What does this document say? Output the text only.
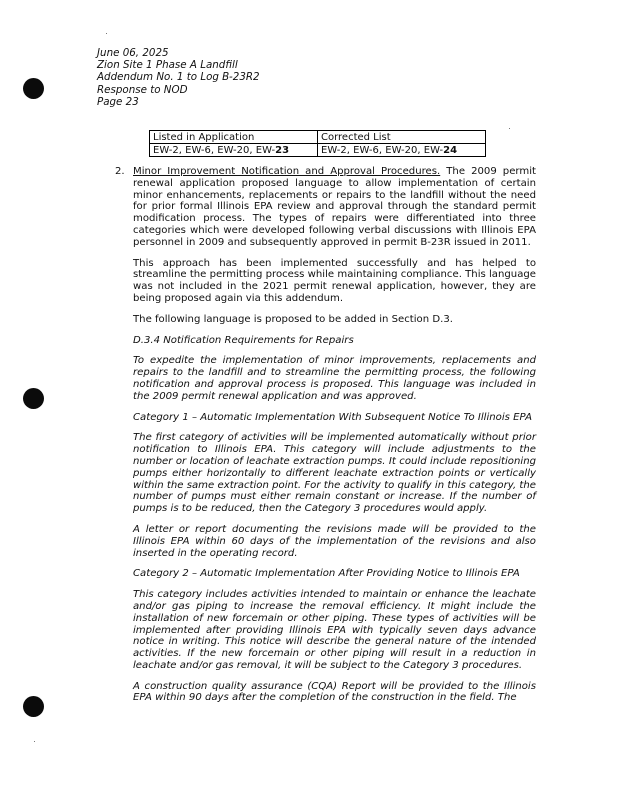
June 06, 2025
Zion Site 1 Phase A Landfill
Addendum No. 1 to Log B-23R2
Response to NOD
Page 23
Listed in Application	Corrected List
EW-2, EW-6, EW-20, EW-23	EW-2, EW-6, EW-20, EW-24
2. Minor Improvement Notification and Approval Procedures. The 2009 permit renewal application proposed language to allow implementation of certain minor enhancements, replacements or repairs to the landfill without the need for prior formal Illinois EPA review and approval through the standard permit modification process. The types of repairs were differentiated into three categories which were developed following verbal discussions with Illinois EPA personnel in 2009 and subsequently approved in permit B-23R issued in 2011.

This approach has been implemented successfully and has helped to streamline the permitting process while maintaining compliance. This language was not included in the 2021 permit renewal application, however, they are being proposed again via this addendum.

The following language is proposed to be added in Section D.3.

D.3.4 Notification Requirements for Repairs

To expedite the implementation of minor improvements, replacements and repairs to the landfill and to streamline the permitting process, the following notification and approval process is proposed. This language was included in the 2009 permit renewal application and was approved.

Category 1 – Automatic Implementation With Subsequent Notice To Illinois EPA

The first category of activities will be implemented automatically without prior notification to Illinois EPA. This category will include adjustments to the number or location of leachate extraction pumps. It could include repositioning pumps either horizontally to different leachate extraction points or vertically within the same extraction point. For the activity to qualify in this category, the number of pumps must either remain constant or increase. If the number of pumps is to be reduced, then the Category 3 procedures would apply.

A letter or report documenting the revisions made will be provided to the Illinois EPA within 60 days of the implementation of the revisions and also inserted in the operating record.

Category 2 – Automatic Implementation After Providing Notice to Illinois EPA

This category includes activities intended to maintain or enhance the leachate and/or gas piping to increase the removal efficiency. It might include the installation of new forcemain or other piping. These types of activities will be implemented after providing Illinois EPA with typically seven days advance notice in writing. This notice will describe the general nature of the intended activities. If the new forcemain or other piping will result in a reduction in leachate and/or gas removal, it will be subject to the Category 3 procedures.

A construction quality assurance (CQA) Report will be provided to the Illinois EPA within 90 days after the completion of the construction in the field. The
